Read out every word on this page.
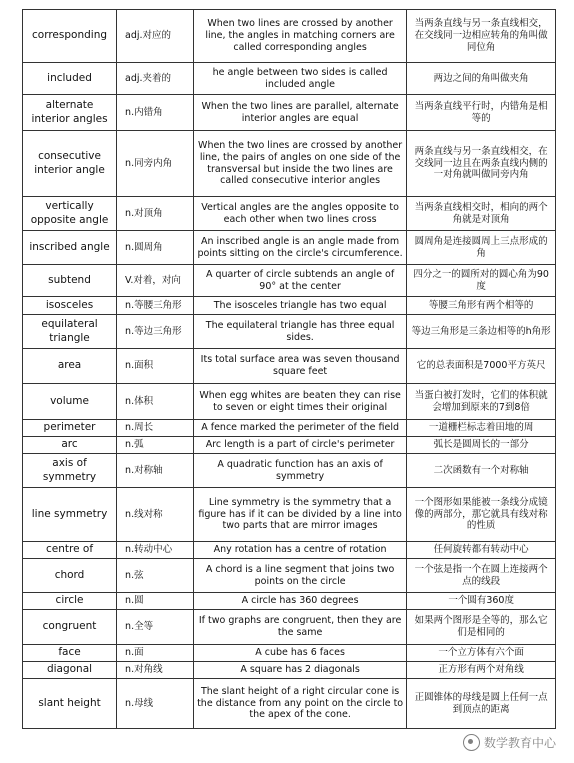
corresponding	adj.对应的	When two lines are crossed by another line, the angles in matching corners are called corresponding angles	当两条直线与另一条直线相交，在交线同一边相应转角的角叫做同位角
included	adj.夹着的	he angle between two sides is called included angle	两边之间的角叫做夹角
alternate interior angles	n.内错角	When the two lines are parallel, alternate interior angles are equal	当两条直线平行时，内错角是相等的
consecutive interior angle	n.同旁内角	When the two lines are crossed by another line, the pairs of angles on one side of the transversal but inside the two lines are called consecutive interior angles	两条直线与另一条直线相交，在交线同一边且在两条直线内侧的一对角就叫做同旁内角
vertically opposite angle	n.对顶角	Vertical angles are the angles opposite to each other when two lines cross	当两条直线相交时，相向的两个角就是对顶角
inscribed angle	n.圆周角	An inscribed angle is an angle made from points sitting on the circle's circumference.	圆周角是连接圆周上三点形成的角
subtend	V.对着，对向	A quarter of circle subtends an angle of 90° at the center	四分之一的圆所对的圆心角为90度
isosceles	n.等腰三角形	The isosceles triangle has two equal	等腰三角形有两个相等的
equilateral triangle	n.等边三角形	The equilateral triangle has three equal sides.	等边三角形是三条边相等的h角形
area	n.面积	Its total surface area was seven thousand square feet	它的总表面积是7000平方英尺
volume	n.体积	When egg whites are beaten they can rise to seven or eight times their original	当蛋白被打发时，它们的体积就会增加到原来的7到8倍
perimeter	n.周长	A fence marked the perimeter of the field	一道栅栏标志着田地的周
arc	n.弧	Arc length is a part of circle's perimeter	弧长是圆周长的一部分
axis of symmetry	n.对称轴	A quadratic function has an axis of symmetry	二次函数有一个对称轴
line symmetry	n.线对称	Line symmetry is the symmetry that a figure has if it can be divided by a line into two parts that are mirror images	一个图形如果能被一条线分成镜像的两部分，那它就具有线对称的性质
centre of	n.转动中心	Any rotation has a centre of rotation	任何旋转都有转动中心
chord	n.弦	A chord is a line segment that joins two points on the circle	一个弦是指一个在圆上连接两个点的线段
circle	n.圆	A circle has 360 degrees	一个圆有360度
congruent	n.全等	If two graphs are congruent, then they are the same	如果两个图形是全等的，那么它们是相同的
face	n.面	A cube has 6 faces	一个立方体有六个面
diagonal	n.对角线	A square has 2 diagonals	正方形有两个对角线
slant height	n.母线	The slant height of a right circular cone is the distance from any point on the circle to the apex of the cone.	正圆锥体的母线是圆上任何一点到顶点的距离
数学教育中心
